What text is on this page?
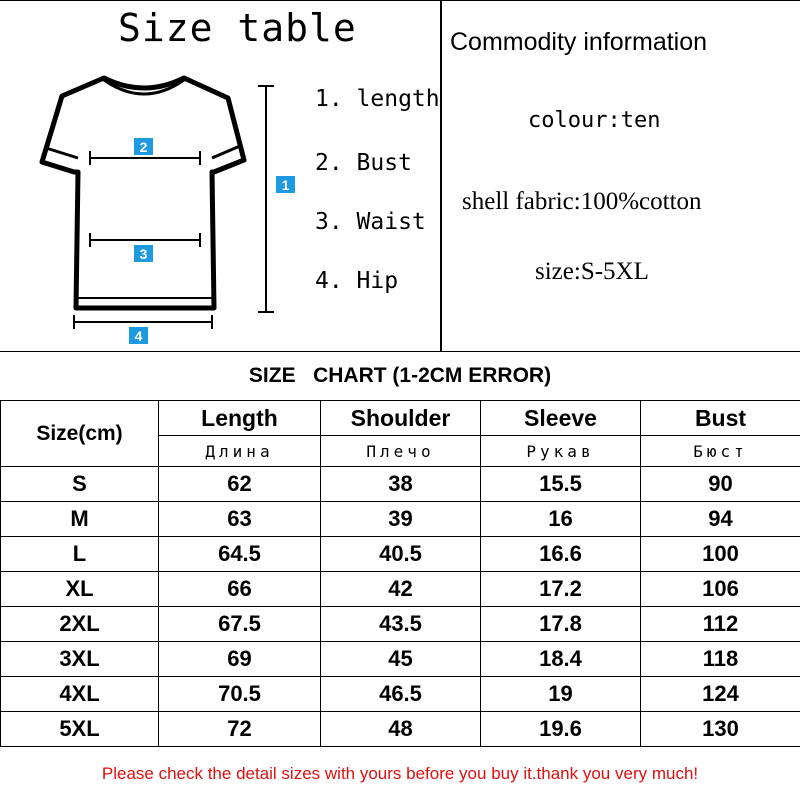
Size table
2
3
4
1
1. length
2. Bust
3. Waist
4. Hip
Commodity information
colour:ten
shell fabric:100%cotton
size:S-5XL
SIZE   CHART (1-2CM ERROR)
Size(cm)	Length	Shoulder	Sleeve	Bust
	Длина	Плечо	Рукав	Бюст
S	62	38	15.5	90
M	63	39	16	94
L	64.5	40.5	16.6	100
XL	66	42	17.2	106
2XL	67.5	43.5	17.8	112
3XL	69	45	18.4	118
4XL	70.5	46.5	19	124
5XL	72	48	19.6	130
Please check the detail sizes with yours before you buy it.thank you very much!
